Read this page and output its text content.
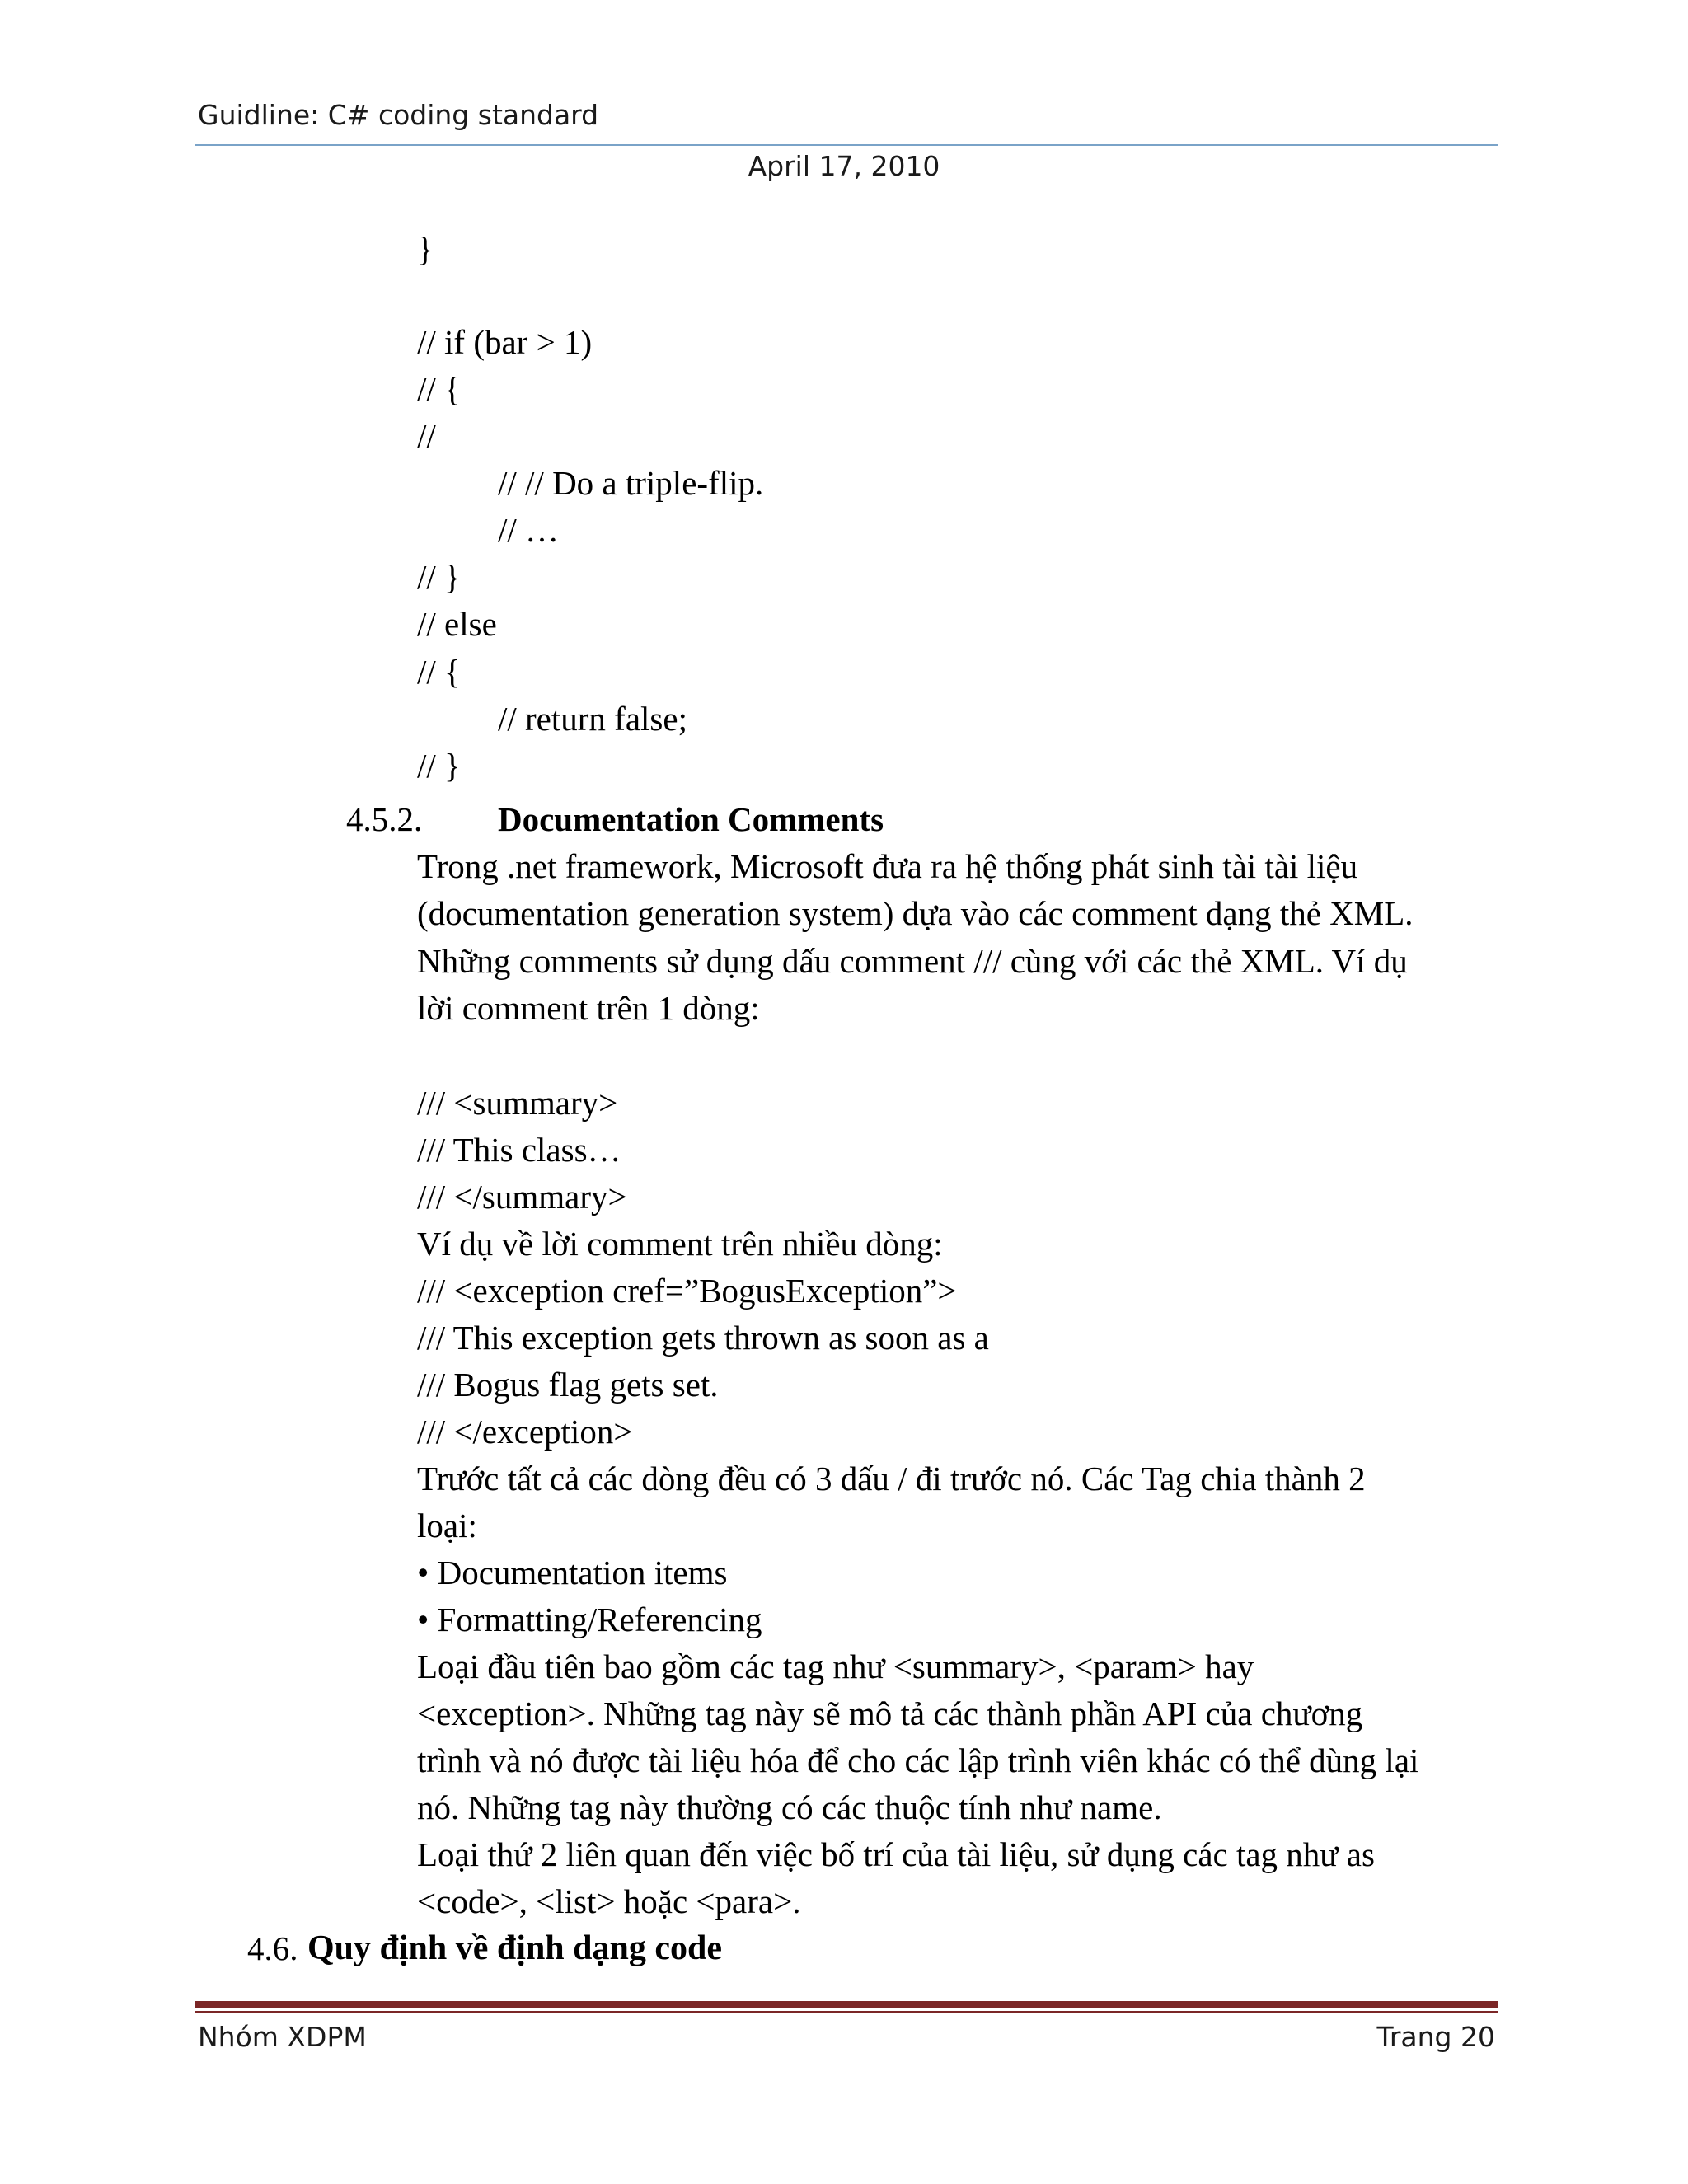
Guidline: C# coding standard
April 17, 2010
}
// if (bar > 1)
// {
//
// // Do a triple-flip.
// …
// }
// else
// {
// return false;
// }
4.5.2. Documentation Comments
Trong .net framework, Microsoft đưa ra hệ thống phát sinh tài tài liệu
(documentation generation system) dựa vào các comment dạng thẻ XML.
Những comments sử dụng dấu comment /// cùng với các thẻ XML. Ví dụ
lời comment trên 1 dòng:
/// <summary>
/// This class…
/// </summary>
Ví dụ về lời comment trên nhiều dòng:
/// <exception cref=”BogusException”>
/// This exception gets thrown as soon as a
/// Bogus flag gets set.
/// </exception>
Trước tất cả các dòng đều có 3 dấu / đi trước nó. Các Tag chia thành 2
loại:
• Documentation items
• Formatting/Referencing
Loại đầu tiên bao gồm các tag như <summary>, <param> hay
<exception>. Những tag này sẽ mô tả các thành phần API của chương
trình và nó được tài liệu hóa để cho các lập trình viên khác có thể dùng lại
nó. Những tag này thường có các thuộc tính như name.
Loại thứ 2 liên quan đến việc bố trí của tài liệu, sử dụng các tag như as
<code>, <list> hoặc <para>.
4.6. Quy định về định dạng code
Nhóm XDPM	Trang 20
